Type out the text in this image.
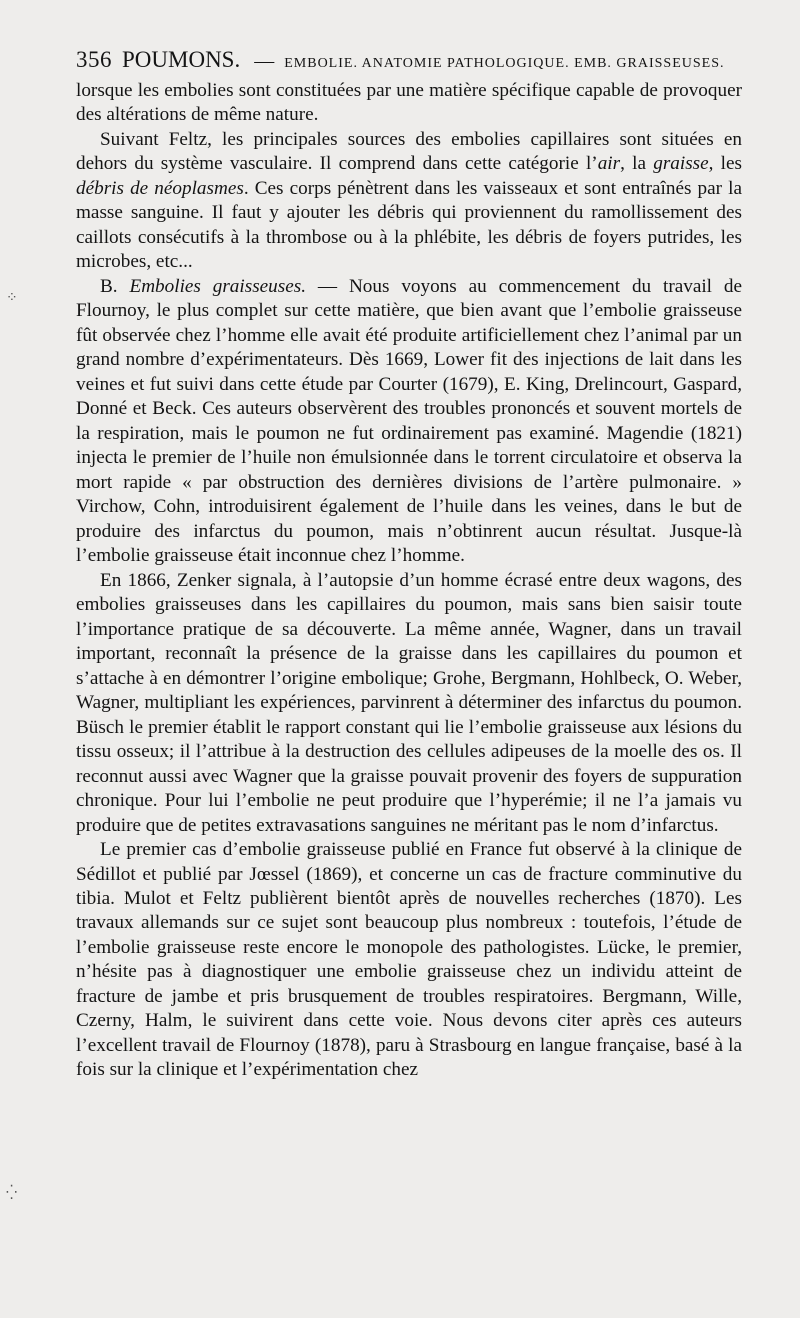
356 POUMONS. — EMBOLIE. ANATOMIE PATHOLOGIQUE. EMB. GRAISSEUSES.

lorsque les embolies sont constituées par une matière spécifique capable de provoquer des altérations de même nature.

Suivant Feltz, les principales sources des embolies capillaires sont situées en dehors du système vasculaire. Il comprend dans cette catégorie l’air, la graisse, les débris de néoplasmes. Ces corps pénètrent dans les vaisseaux et sont entraînés par la masse sanguine. Il faut y ajouter les débris qui proviennent du ramollissement des caillots consécutifs à la thrombose ou à la phlébite, les débris de foyers putrides, les microbes, etc...

B. Embolies graisseuses. — Nous voyons au commencement du travail de Flournoy, le plus complet sur cette matière, que bien avant que l’embolie graisseuse fût observée chez l’homme elle avait été produite artificiellement chez l’animal par un grand nombre d’expérimentateurs. Dès 1669, Lower fit des injections de lait dans les veines et fut suivi dans cette étude par Courter (1679), E. King, Drelincourt, Gaspard, Donné et Beck. Ces auteurs observèrent des troubles prononcés et souvent mortels de la respiration, mais le poumon ne fut ordinairement pas examiné. Magendie (1821) injecta le premier de l’huile non émulsionnée dans le torrent circulatoire et observa la mort rapide « par obstruction des dernières divisions de l’artère pulmonaire. » Virchow, Cohn, introduisirent également de l’huile dans les veines, dans le but de produire des infarctus du poumon, mais n’obtinrent aucun résultat. Jusque-là l’embolie graisseuse était inconnue chez l’homme.

En 1866, Zenker signala, à l’autopsie d’un homme écrasé entre deux wagons, des embolies graisseuses dans les capillaires du poumon, mais sans bien saisir toute l’importance pratique de sa découverte. La même année, Wagner, dans un travail important, reconnaît la présence de la graisse dans les capillaires du poumon et s’attache à en démontrer l’origine embolique; Grohe, Bergmann, Hohlbeck, O. Weber, Wagner, multipliant les expériences, parvinrent à déterminer des infarctus du poumon. Büsch le premier établit le rapport constant qui lie l’embolie graisseuse aux lésions du tissu osseux; il l’attribue à la destruction des cellules adipeuses de la moelle des os. Il reconnut aussi avec Wagner que la graisse pouvait provenir des foyers de suppuration chronique. Pour lui l’embolie ne peut produire que l’hyperémie; il ne l’a jamais vu produire que de petites extravasations sanguines ne méritant pas le nom d’infarctus.

Le premier cas d’embolie graisseuse publié en France fut observé à la clinique de Sédillot et publié par Jœssel (1869), et concerne un cas de fracture comminutive du tibia. Mulot et Feltz publièrent bientôt après de nouvelles recherches (1870). Les travaux allemands sur ce sujet sont beaucoup plus nombreux : toutefois, l’étude de l’embolie graisseuse reste encore le monopole des pathologistes. Lücke, le premier, n’hésite pas à diagnostiquer une embolie graisseuse chez un individu atteint de fracture de jambe et pris brusquement de troubles respiratoires. Bergmann, Wille, Czerny, Halm, le suivirent dans cette voie. Nous devons citer après ces auteurs l’excellent travail de Flournoy (1878), paru à Strasbourg en langue française, basé à la fois sur la clinique et l’expérimentation chez

⁘
⁛
